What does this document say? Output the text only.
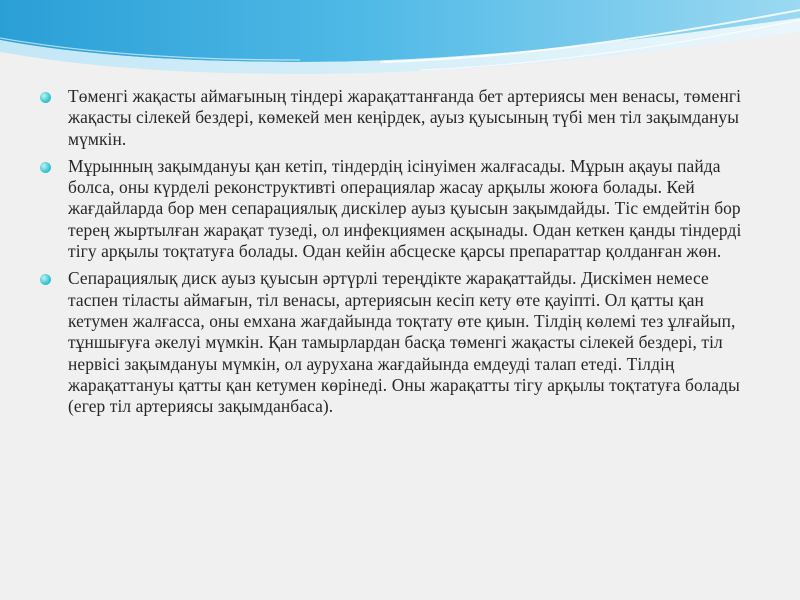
Төменгі жақасты аймағының тіндері жарақаттанғанда бет артериясы мен венасы, төменгі жақасты сілекей бездері, көмекей мен кеңірдек, ауыз қуысының түбі мен тіл зақымдануы мүмкін.
Мұрынның зақымдануы қан кетіп, тіндердің ісінуімен жалғасады. Мұрын ақауы пайда болса, оны күрделі реконструктивті операциялар жасау арқылы жоюға болады. Кей жағдайларда бор мен сепарациялық дискілер ауыз қуысын зақымдайды. Тіс емдейтін бор терең жыртылған жарақат тузеді, ол инфекциямен асқынады. Одан кеткен қанды тіндерді тігу арқылы тоқтатуға болады. Одан кейін абсцеске қарсы препараттар қолданған жөн.
Сепарациялық диск ауыз қуысын әртүрлі тереңдікте жарақаттайды. Дискімен немесе таспен тіласты аймағын, тіл венасы, артериясын кесіп кету өте қауіпті. Ол қатты қан кетумен жалғасса, оны емхана жағдайында тоқтату өте қиын. Тілдің көлемі тез ұлғайып, тұншығуға әкелуі мүмкін. Қан тамырлардан басқа төменгі жақасты сілекей бездері, тіл нервісі зақымдануы мүмкін, ол аурухана жағдайында емдеуді талап етеді. Тілдің жарақаттануы қатты қан кетумен көрінеді. Оны жарақатты тігу арқылы тоқтатуға болады (егер тіл артериясы зақымданбаса).
